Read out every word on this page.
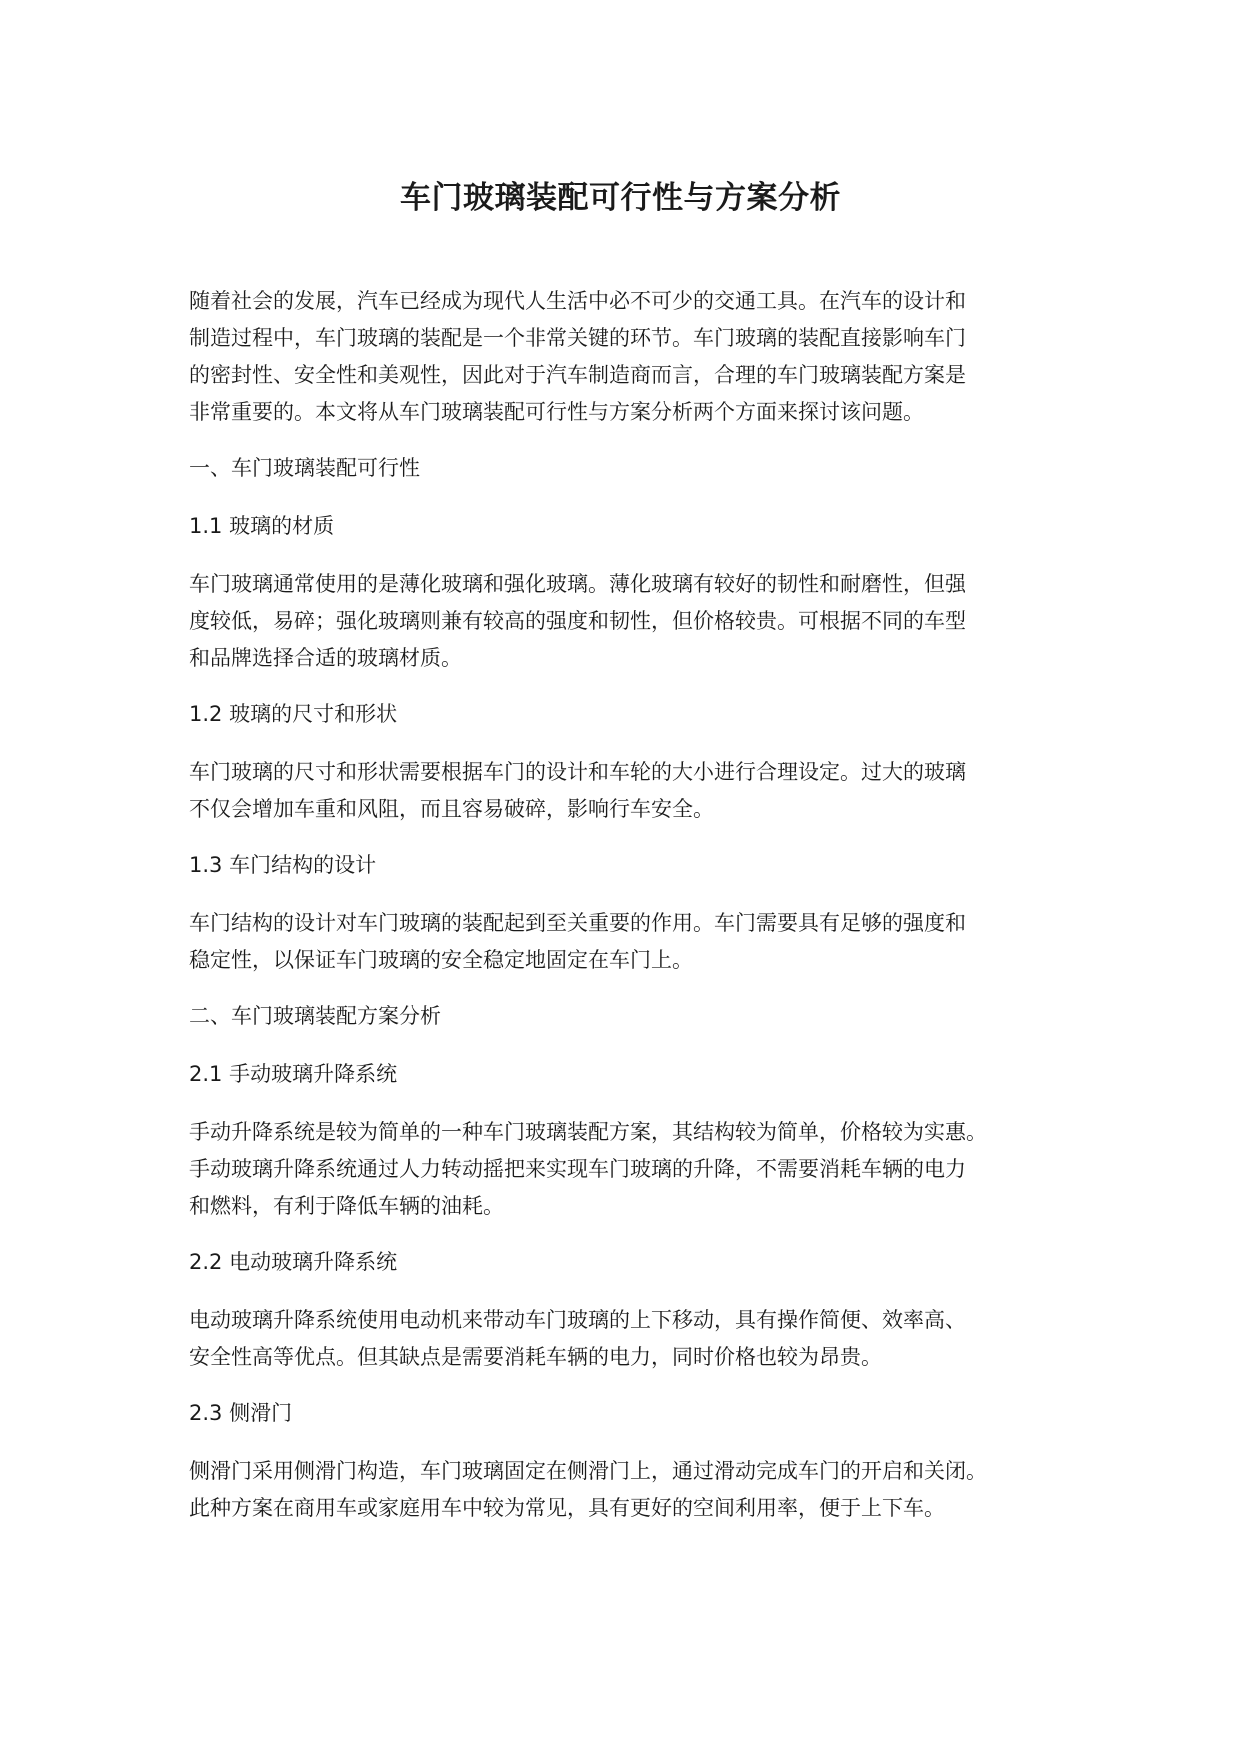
车门玻璃装配可行性与方案分析

随着社会的发展，汽车已经成为现代人生活中必不可少的交通工具。在汽车的设计和
制造过程中，车门玻璃的装配是一个非常关键的环节。车门玻璃的装配直接影响车门
的密封性、安全性和美观性，因此对于汽车制造商而言，合理的车门玻璃装配方案是
非常重要的。本文将从车门玻璃装配可行性与方案分析两个方面来探讨该问题。

一、车门玻璃装配可行性
1.1 玻璃的材质

车门玻璃通常使用的是薄化玻璃和强化玻璃。薄化玻璃有较好的韧性和耐磨性，但强
度较低，易碎；强化玻璃则兼有较高的强度和韧性，但价格较贵。可根据不同的车型
和品牌选择合适的玻璃材质。

1.2 玻璃的尺寸和形状

车门玻璃的尺寸和形状需要根据车门的设计和车轮的大小进行合理设定。过大的玻璃
不仅会增加车重和风阻，而且容易破碎，影响行车安全。

1.3 车门结构的设计

车门结构的设计对车门玻璃的装配起到至关重要的作用。车门需要具有足够的强度和
稳定性，以保证车门玻璃的安全稳定地固定在车门上。

二、车门玻璃装配方案分析
2.1 手动玻璃升降系统

手动升降系统是较为简单的一种车门玻璃装配方案，其结构较为简单，价格较为实惠。
手动玻璃升降系统通过人力转动摇把来实现车门玻璃的升降，不需要消耗车辆的电力
和燃料，有利于降低车辆的油耗。

2.2 电动玻璃升降系统

电动玻璃升降系统使用电动机来带动车门玻璃的上下移动，具有操作简便、效率高、
安全性高等优点。但其缺点是需要消耗车辆的电力，同时价格也较为昂贵。

2.3 侧滑门

侧滑门采用侧滑门构造，车门玻璃固定在侧滑门上，通过滑动完成车门的开启和关闭。
此种方案在商用车或家庭用车中较为常见，具有更好的空间利用率，便于上下车。
